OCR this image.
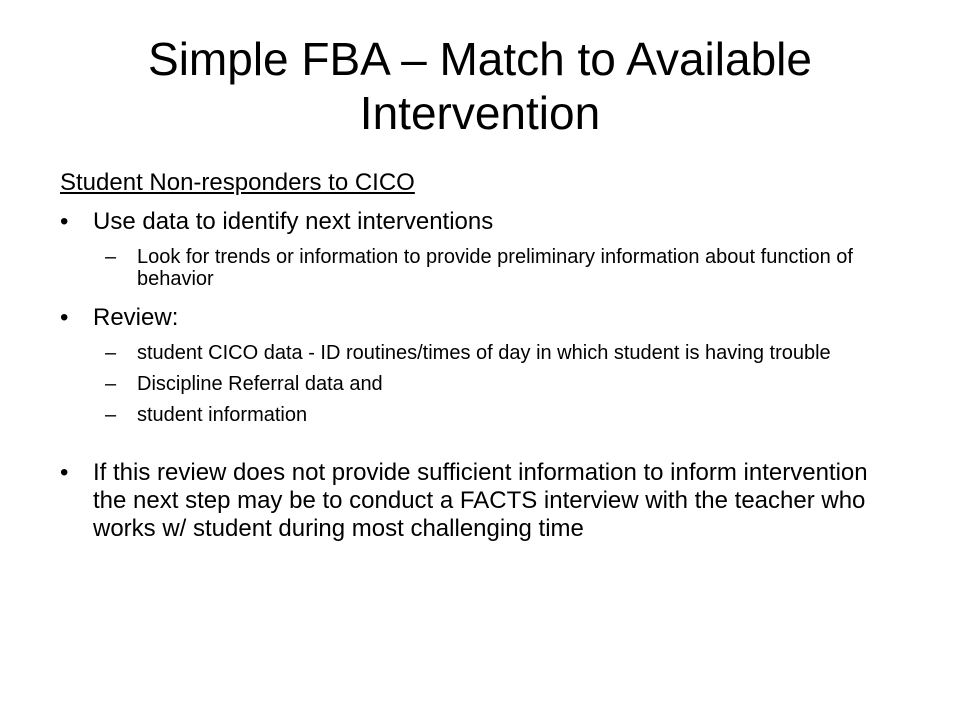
Simple FBA – Match to Available Intervention
Student Non-responders to CICO
•	Use data to identify next interventions
–	Look for trends or information to provide preliminary information about function of behavior
•	Review:
–	student CICO data - ID routines/times of day in which student is having trouble
–	Discipline Referral data and
–	student information
•	If this review does not provide sufficient information to inform intervention the next step may be to conduct a FACTS interview with the teacher who works w/ student during most challenging time
